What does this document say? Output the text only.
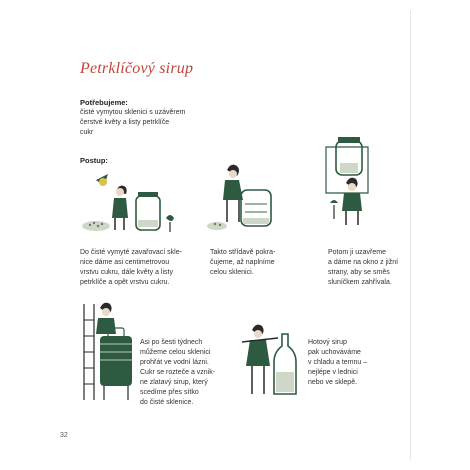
Petrklíčový sirup
Potřebujeme:
čisté vymytou sklenici s uzávěrem
čerstvé květy a listy petrklíče
cukr
Postup:
Do čisté vymyté zavařovací skle-
nice dáme asi centimetrovou
vrstvu cukru, dále květy a listy
petrklíče a opět vrstvu cukru.
Takto střídavě pokra-
čujeme, až naplníme
celou sklenici.
Potom ji uzavřeme
a dáme na okno z jižní
strany, aby se směs
sluníčkem zahřívala.
Asi po šesti týdnech
můžeme celou sklenici
prohřát ve vodní lázni.
Cukr se rozteče a vznik-
ne zlatavý sirup, který
scedíme přes sítko
do čisté sklenice.
Hotový sirup
pak uchováváme
v chladu a temnu –
nejlépe v lednici
nebo ve sklepě.
32
